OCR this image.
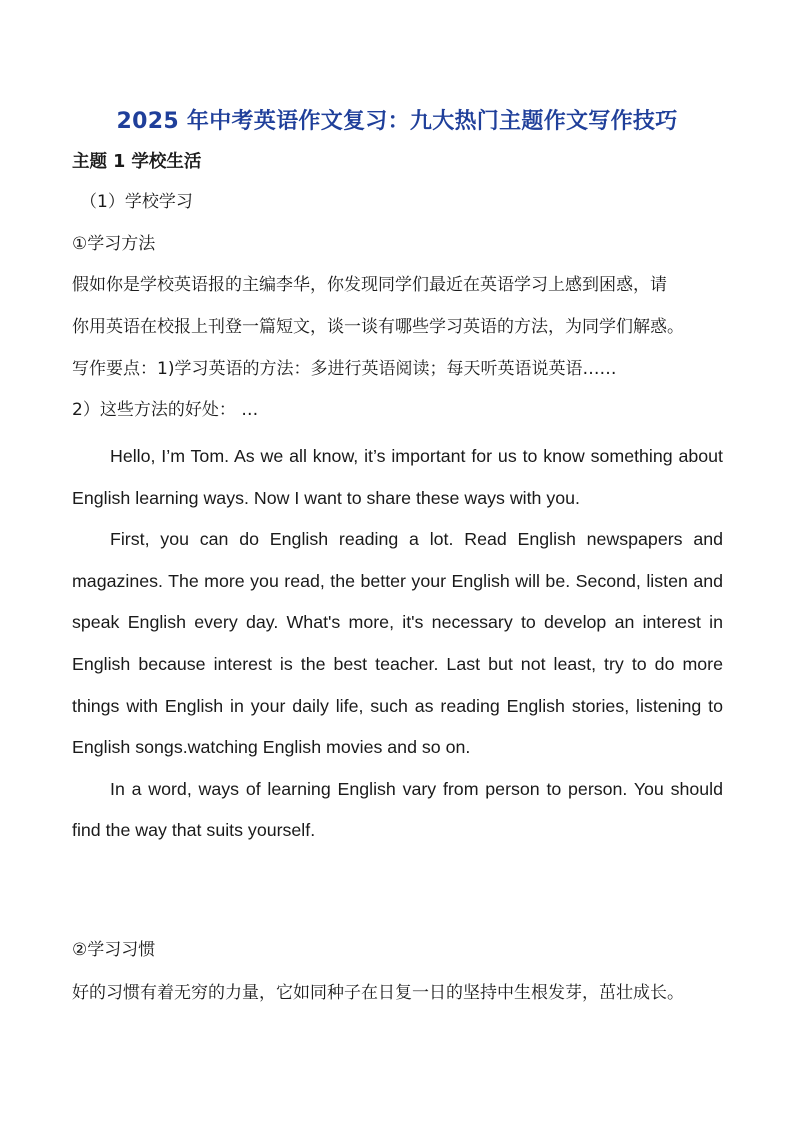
2025 年中考英语作文复习：九大热门主题作文写作技巧
主题 1 学校生活
（1）学校学习
①学习方法
假如你是学校英语报的主编李华，你发现同学们最近在英语学习上感到困惑，请
你用英语在校报上刊登一篇短文，谈一谈有哪些学习英语的方法，为同学们解惑。
写作要点：1)学习英语的方法：多进行英语阅读；每天听英语说英语……
2）这些方法的好处： …

Hello, I’m Tom. As we all know, it’s important for us to know something about English learning ways. Now I want to share these ways with you.

First, you can do English reading a lot. Read English newspapers and magazines. The more you read, the better your English will be. Second, listen and speak English every day. What's more, it's necessary to develop an interest in English because interest is the best teacher. Last but not least, try to do more things with English in your daily life, such as reading English stories, listening to English songs.watching English movies and so on.

In a word, ways of learning English vary from person to person. You should find the way that suits yourself.

②学习习惯
好的习惯有着无穷的力量，它如同种子在日复一日的坚持中生根发芽，茁壮成长。
